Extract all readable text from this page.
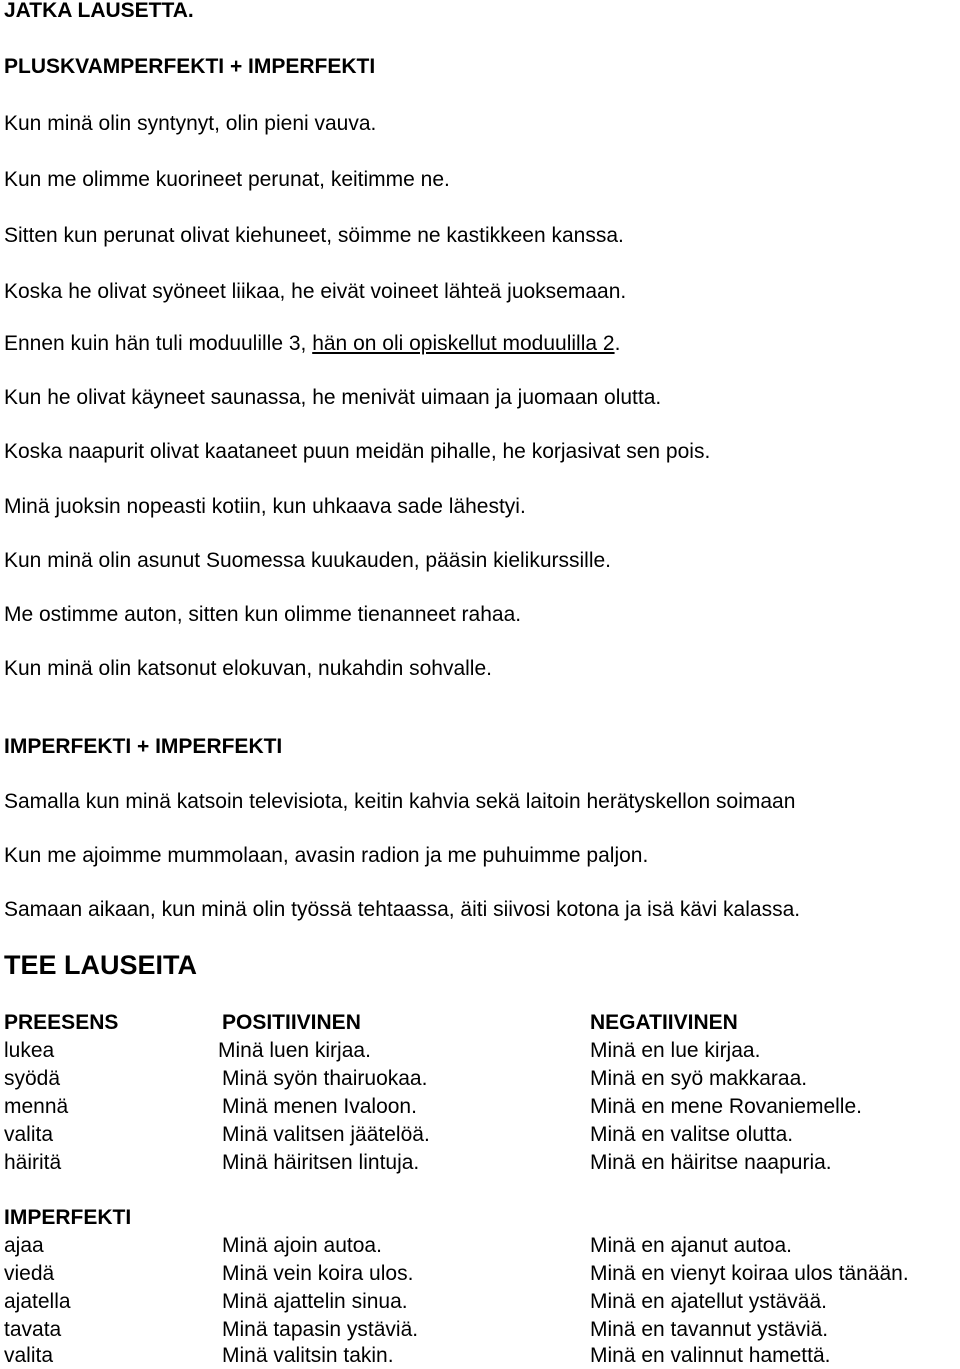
JATKA LAUSETTA.
PLUSKVAMPERFEKTI + IMPERFEKTI
Kun minä olin syntynyt, olin pieni vauva.
Kun me olimme kuorineet perunat, keitimme ne.
Sitten kun perunat olivat kiehuneet, söimme ne kastikkeen kanssa.
Koska he olivat syöneet liikaa, he eivät voineet lähteä juoksemaan.
Ennen kuin hän tuli moduulille 3, hän on oli opiskellut moduulilla 2.
Kun he olivat käyneet saunassa, he menivät uimaan ja juomaan olutta.
Koska naapurit olivat kaataneet puun meidän pihalle, he korjasivat sen pois.
Minä juoksin nopeasti kotiin, kun uhkaava sade lähestyi.
Kun minä olin asunut Suomessa kuukauden, pääsin kielikurssille.
Me ostimme auton, sitten kun olimme tienanneet rahaa.
Kun minä olin katsonut elokuvan, nukahdin sohvalle.
IMPERFEKTI + IMPERFEKTI
Samalla kun minä katsoin televisiota, keitin kahvia sekä laitoin herätyskellon soimaan
Kun me ajoimme mummolaan, avasin radion ja me puhuimme paljon.
Samaan aikaan, kun minä olin työssä tehtaassa, äiti siivosi kotona ja isä kävi kalassa.
TEE LAUSEITA
PREESENS	POSITIIVINEN	NEGATIIVINEN
lukea	Minä luen kirjaa.	Minä en lue kirjaa.
syödä	Minä syön thairuokaa.	Minä en syö makkaraa.
mennä	Minä menen Ivaloon.	Minä en mene Rovaniemelle.
valita	Minä valitsen jäätelöä.	Minä en valitse olutta.
häiritä	Minä häiritsen lintuja.	Minä en häiritse naapuria.
IMPERFEKTI
ajaa	Minä ajoin autoa.	Minä en ajanut autoa.
viedä	Minä vein koira ulos.	Minä en vienyt koiraa ulos tänään.
ajatella	Minä ajattelin sinua.	Minä en ajatellut ystävää.
tavata	Minä tapasin ystäviä.	Minä en tavannut ystäviä.
valita	Minä valitsin takin.	Minä en valinnut hamettä.
